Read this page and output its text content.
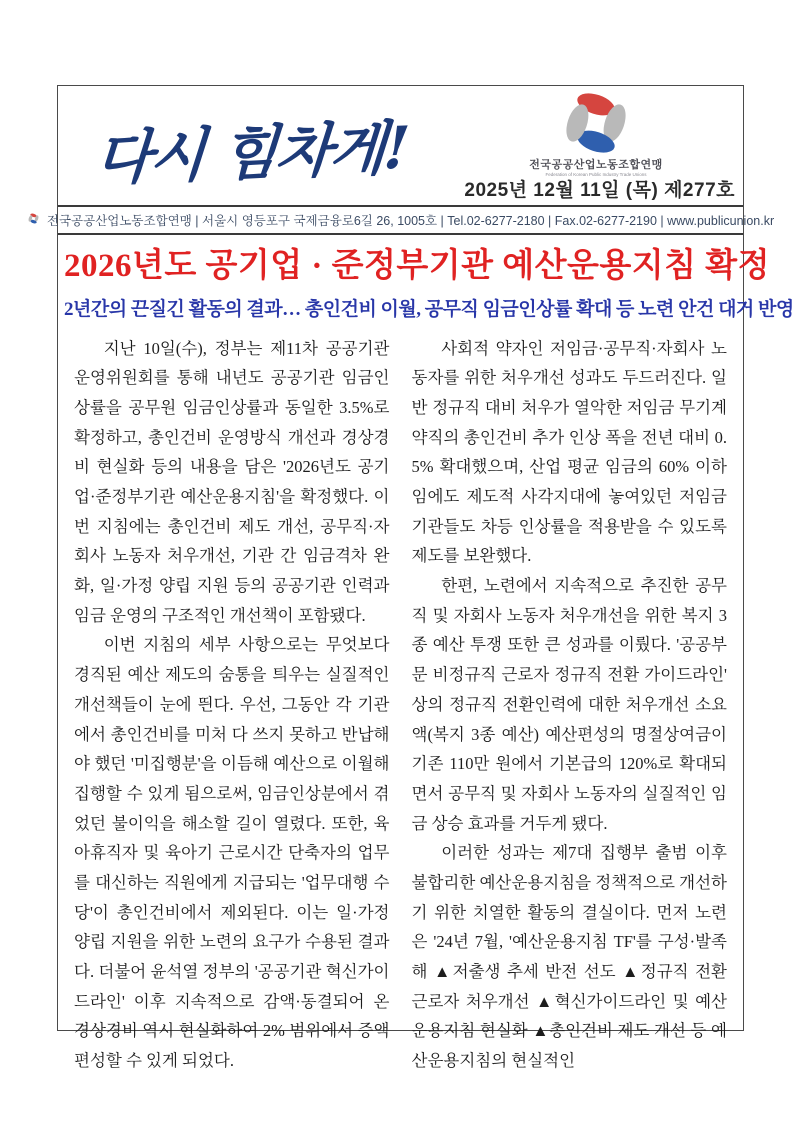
다시 힘차게!	전국공공산업노동조합연맹
Federation of Korean Public Industry Trade Unions
2025년 12월 11일 (목) 제277호
전국공공산업노동조합연맹 | 서울시 영등포구 국제금융로6길 26, 1005호 | Tel.02-6277-2180 | Fax.02-6277-2190 | www.publicunion.kr
2026년도 공기업 · 준정부기관 예산운용지침 확정
2년간의 끈질긴 활동의 결과… 총인건비 이월, 공무직 임금인상률 확대 등 노련 안건 대거 반영

지난 10일(수), 정부는 제11차 공공기관 운영위원회를 통해 내년도 공공기관 임금인상률을 공무원 임금인상률과 동일한 3.5%로 확정하고, 총인건비 운영방식 개선과 경상경비 현실화 등의 내용을 담은 '2026년도 공기업·준정부기관 예산운용지침'을 확정했다. 이번 지침에는 총인건비 제도 개선, 공무직·자회사 노동자 처우개선, 기관 간 임금격차 완화, 일·가정 양립 지원 등의 공공기관 인력과 임금 운영의 구조적인 개선책이 포함됐다.

이번 지침의 세부 사항으로는 무엇보다 경직된 예산 제도의 숨통을 틔우는 실질적인 개선책들이 눈에 띈다. 우선, 그동안 각 기관에서 총인건비를 미처 다 쓰지 못하고 반납해야 했던 '미집행분'을 이듬해 예산으로 이월해 집행할 수 있게 됨으로써, 임금인상분에서 겪었던 불이익을 해소할 길이 열렸다. 또한, 육아휴직자 및 육아기 근로시간 단축자의 업무를 대신하는 직원에게 지급되는 '업무대행 수당'이 총인건비에서 제외된다. 이는 일·가정 양립 지원을 위한 노련의 요구가 수용된 결과다. 더불어 윤석열 정부의 '공공기관 혁신가이드라인' 이후 지속적으로 감액·동결되어 온 경상경비 역시 현실화하여 2% 범위에서 증액 편성할 수 있게 되었다.

사회적 약자인 저임금·공무직·자회사 노동자를 위한 처우개선 성과도 두드러진다. 일반 정규직 대비 처우가 열악한 저임금 무기계약직의 총인건비 추가 인상 폭을 전년 대비 0.5% 확대했으며, 산업 평균 임금의 60% 이하임에도 제도적 사각지대에 놓여있던 저임금 기관들도 차등 인상률을 적용받을 수 있도록 제도를 보완했다.

한편, 노련에서 지속적으로 추진한 공무직 및 자회사 노동자 처우개선을 위한 복지 3종 예산 투쟁 또한 큰 성과를 이뤘다. '공공부문 비정규직 근로자 정규직 전환 가이드라인' 상의 정규직 전환인력에 대한 처우개선 소요액(복지 3종 예산) 예산편성의 명절상여금이 기존 110만 원에서 기본급의 120%로 확대되면서 공무직 및 자회사 노동자의 실질적인 임금 상승 효과를 거두게 됐다.

이러한 성과는 제7대 집행부 출범 이후 불합리한 예산운용지침을 정책적으로 개선하기 위한 치열한 활동의 결실이다. 먼저 노련은 '24년 7월, '예산운용지침 TF'를 구성·발족해 ▲저출생 추세 반전 선도 ▲정규직 전환 근로자 처우개선 ▲혁신가이드라인 및 예산운용지침 현실화 ▲총인건비 제도 개선 등 예산운용지침의 현실적인
